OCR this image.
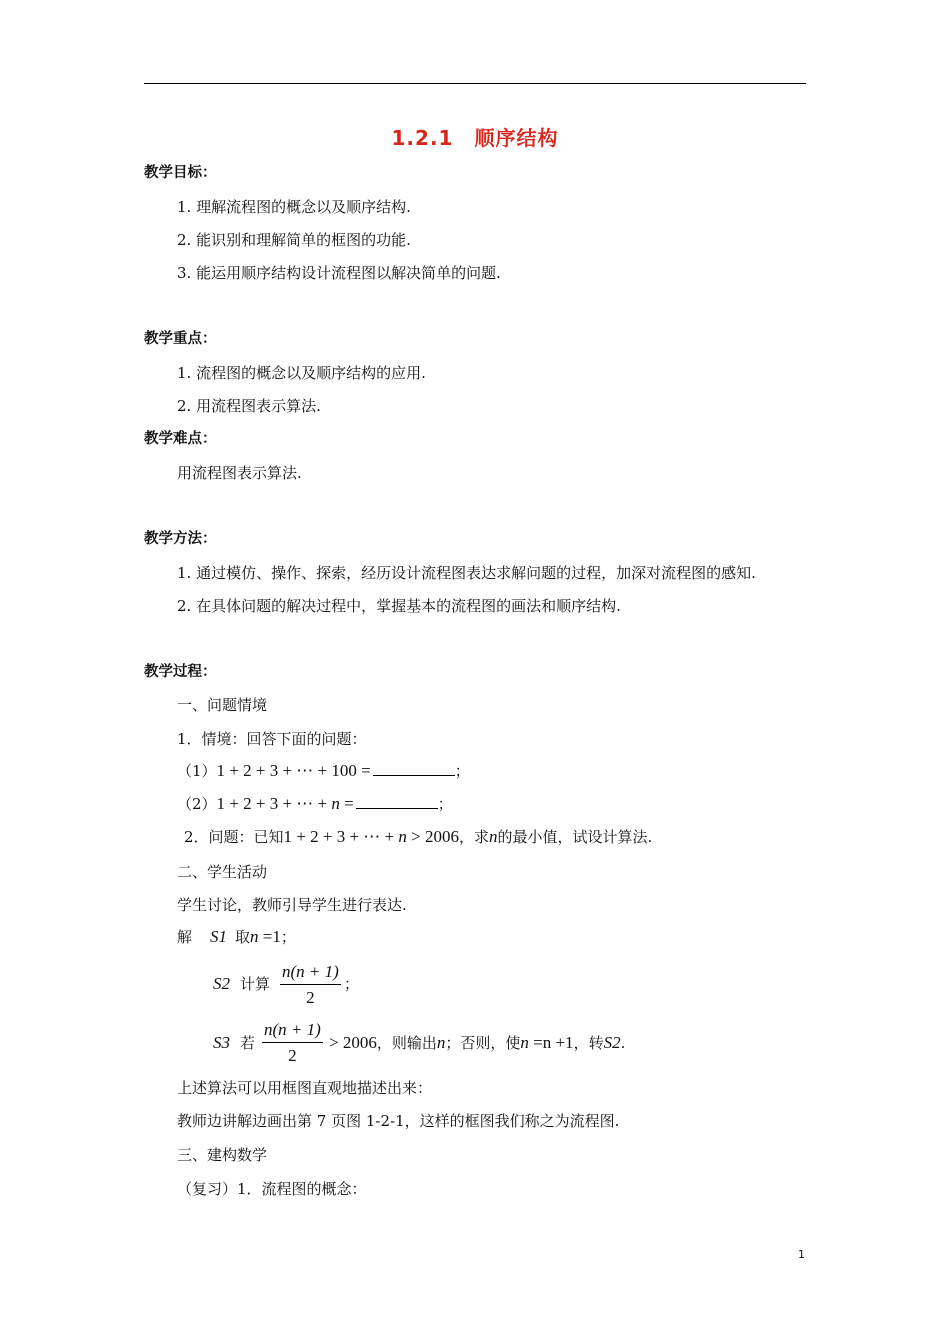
1.2.1　顺序结构
教学目标：
1. 理解流程图的概念以及顺序结构.
2. 能识别和理解简单的框图的功能.
3. 能运用顺序结构设计流程图以解决简单的问题.
教学重点：
1. 流程图的概念以及顺序结构的应用.
2. 用流程图表示算法.
教学难点：
用流程图表示算法.
教学方法：
1. 通过模仿、操作、探索，经历设计流程图表达求解问题的过程，加深对流程图的感知.
2. 在具体问题的解决过程中，掌握基本的流程图的画法和顺序结构.
教学过程：
一、问题情境
1．情境：回答下面的问题：
（1）1 + 2 + 3 + ⋯ + 100 =	；
（2）1 + 2 + 3 + ⋯ + n =	；
2．问题：已知1 + 2 + 3 + ⋯ + n > 2006，求n的最小值，试设计算法.
二、学生活动
学生讨论，教师引导学生进行表达.
解 S1 取n =1；
S2 计算 $\frac{n(n + 1)}{2}$ ；
S3 若 $\frac{n(n + 1)}{2} > 2006$，则输出n；否则，使n =n +1，转S2.
上述算法可以用框图直观地描述出来：
教师边讲解边画出第 7 页图 1-2-1，这样的框图我们称之为流程图.
三、建构数学
（复习）1．流程图的概念：
1
